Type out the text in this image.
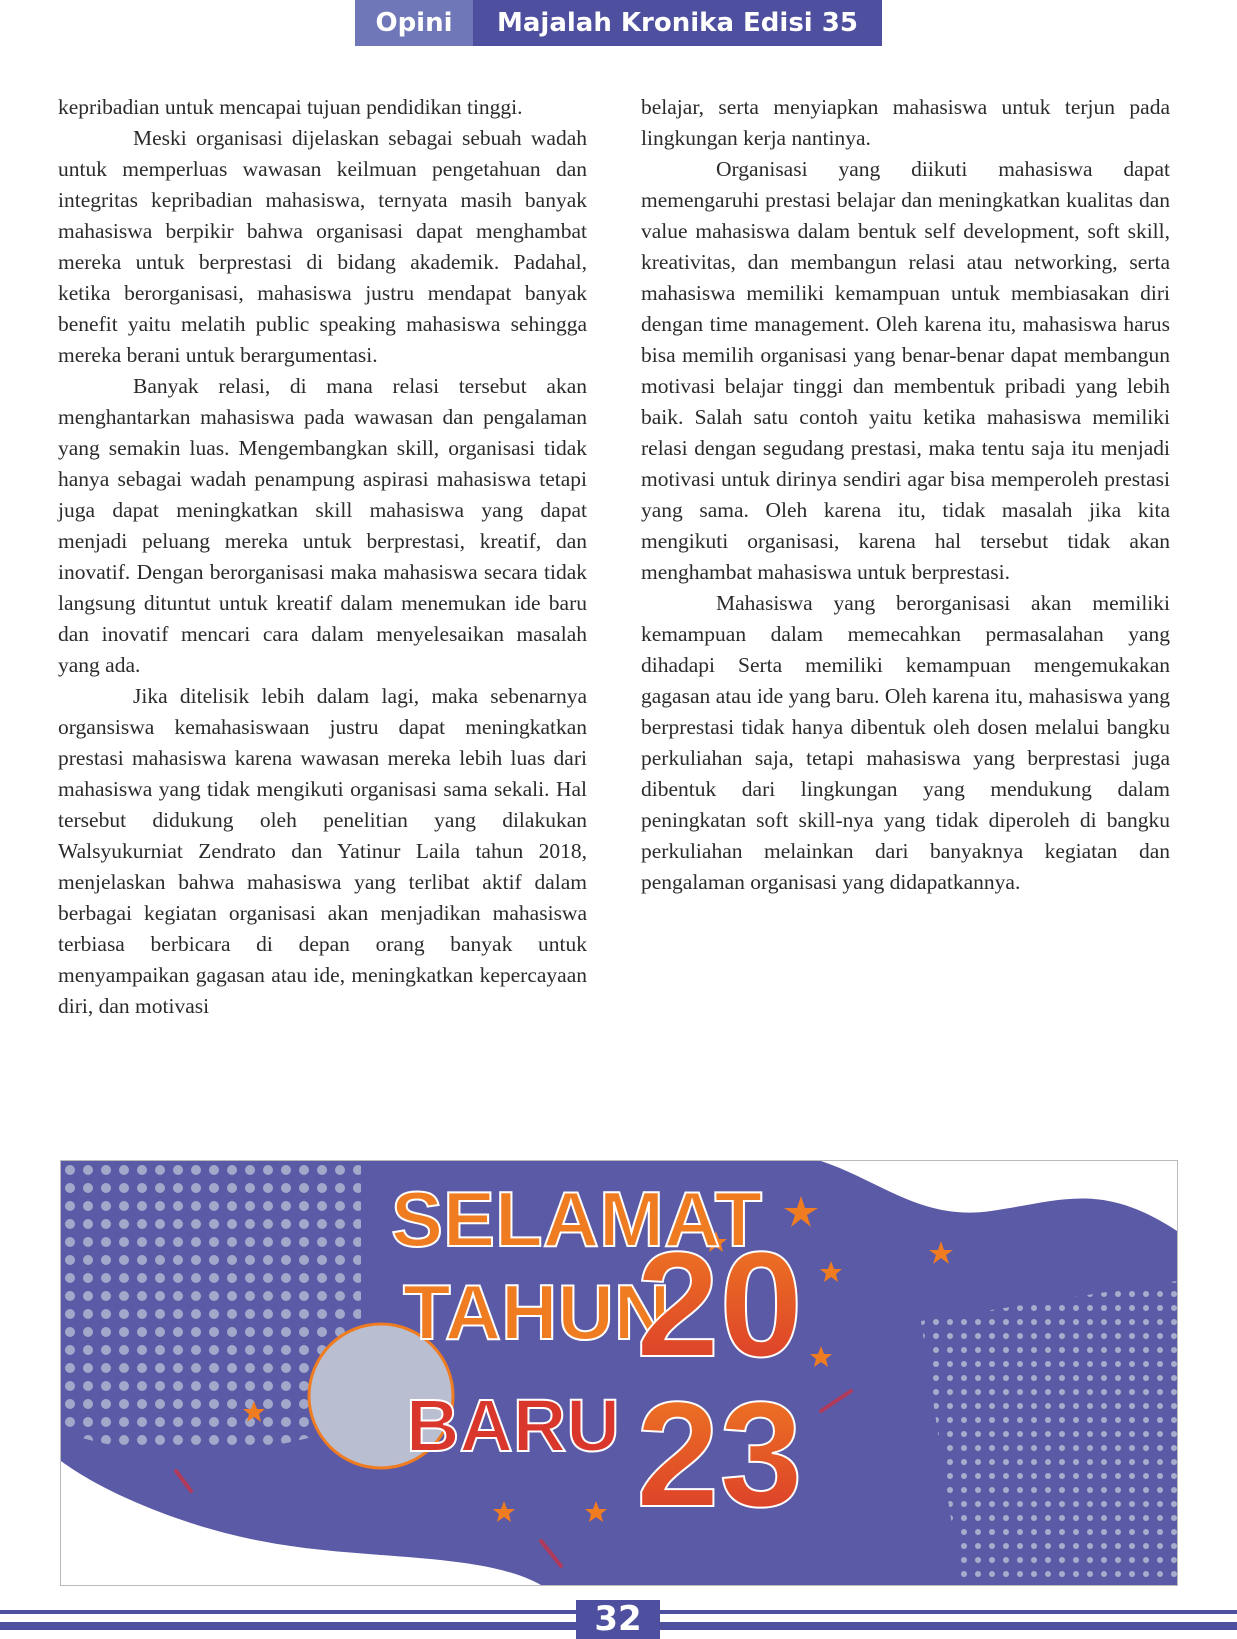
Opini	Majalah Kronika Edisi 35

kepribadian untuk mencapai tujuan pendidikan tinggi.

Meski organisasi dijelaskan sebagai sebuah wadah untuk memperluas wawasan keilmuan pengetahuan dan integritas kepribadian mahasiswa, ternyata masih banyak mahasiswa berpikir bahwa organisasi dapat menghambat mereka untuk berprestasi di bidang akademik. Padahal, ketika berorganisasi, mahasiswa justru mendapat banyak benefit yaitu melatih public speaking mahasiswa sehingga mereka berani untuk berargumentasi.

Banyak relasi, di mana relasi tersebut akan menghantarkan mahasiswa pada wawasan dan pengalaman yang semakin luas. Mengembangkan skill, organisasi tidak hanya sebagai wadah penampung aspirasi mahasiswa tetapi juga dapat meningkatkan skill mahasiswa yang dapat menjadi peluang mereka untuk berprestasi, kreatif, dan inovatif. Dengan berorganisasi maka mahasiswa secara tidak langsung dituntut untuk kreatif dalam menemukan ide baru dan inovatif mencari cara dalam menyelesaikan masalah yang ada.

Jika ditelisik lebih dalam lagi, maka sebenarnya organsiswa kemahasiswaan justru dapat meningkatkan prestasi mahasiswa karena wawasan mereka lebih luas dari mahasiswa yang tidak mengikuti organisasi sama sekali. Hal tersebut didukung oleh penelitian yang dilakukan Walsyukurniat Zendrato dan Yatinur Laila tahun 2018, menjelaskan bahwa mahasiswa yang terlibat aktif dalam berbagai kegiatan organisasi akan menjadikan mahasiswa terbiasa berbicara di depan orang banyak untuk menyampaikan gagasan atau ide, meningkatkan kepercayaan diri, dan motivasi

belajar, serta menyiapkan mahasiswa untuk terjun pada lingkungan kerja nantinya.

Organisasi yang diikuti mahasiswa dapat memengaruhi prestasi belajar dan meningkatkan kualitas dan value mahasiswa dalam bentuk self development, soft skill, kreativitas, dan membangun relasi atau networking, serta mahasiswa memiliki kemampuan untuk membiasakan diri dengan time management. Oleh karena itu, mahasiswa harus bisa memilih organisasi yang benar-benar dapat membangun motivasi belajar tinggi dan membentuk pribadi yang lebih baik. Salah satu contoh yaitu ketika mahasiswa memiliki relasi dengan segudang prestasi, maka tentu saja itu menjadi motivasi untuk dirinya sendiri agar bisa memperoleh prestasi yang sama. Oleh karena itu, tidak masalah jika kita mengikuti organisasi, karena hal tersebut tidak akan menghambat mahasiswa untuk berprestasi.

Mahasiswa yang berorganisasi akan memiliki kemampuan dalam memecahkan permasalahan yang dihadapi Serta memiliki kemampuan mengemukakan gagasan atau ide yang baru. Oleh karena itu, mahasiswa yang berprestasi tidak hanya dibentuk oleh dosen melalui bangku perkuliahan saja, tetapi mahasiswa yang berprestasi juga dibentuk dari lingkungan yang mendukung dalam peningkatan soft skill-nya yang tidak diperoleh di bangku perkuliahan melainkan dari banyaknya kegiatan dan pengalaman organisasi yang didapatkannya.

SELAMAT
TAHUN
BARU
20
23
32
